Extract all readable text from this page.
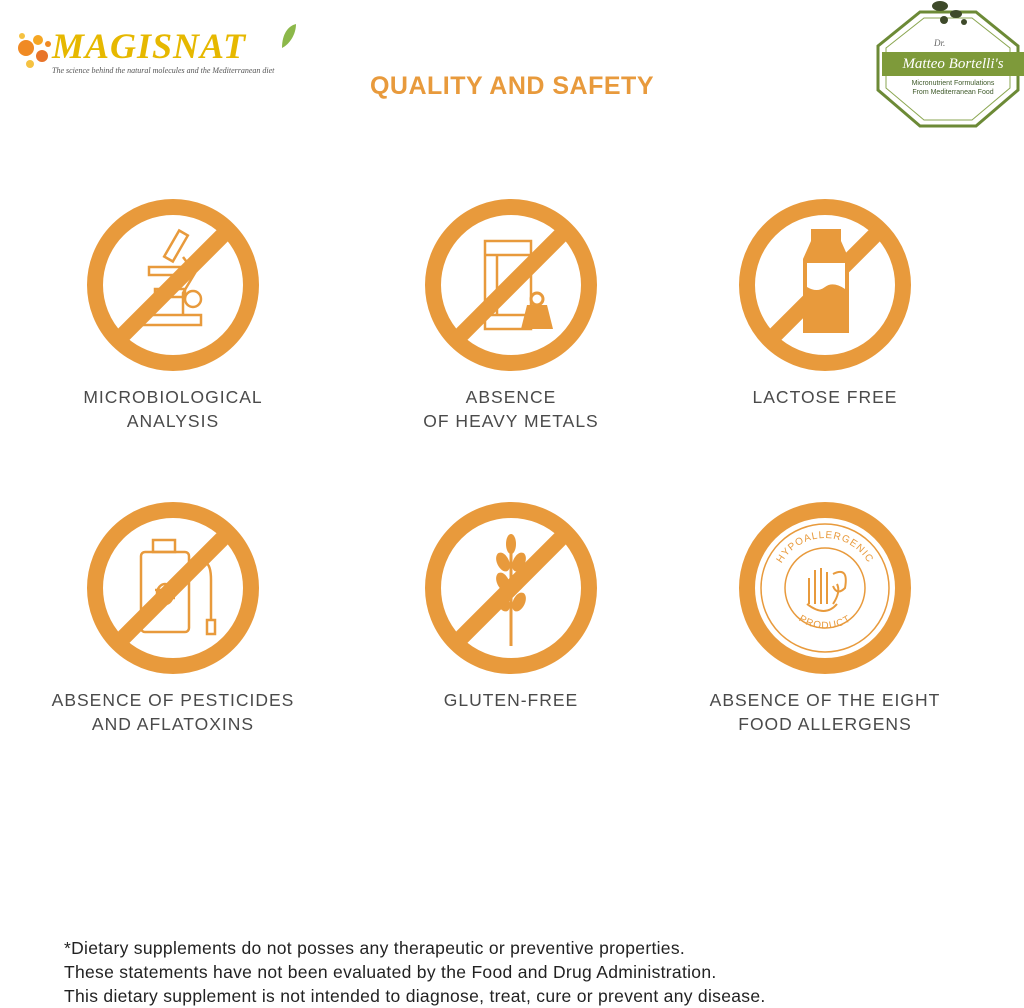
MAGISNAT
The science behind the natural molecules and the Mediterranean diet
Dr.
Matteo Bortelli's
Micronutrient Formulations
From Mediterranean Food
QUALITY AND SAFETY
MICROBIOLOGICAL
ANALYSIS
ABSENCE
OF HEAVY METALS
LACTOSE FREE
ABSENCE OF PESTICIDES
AND AFLATOXINS
GLUTEN-FREE
HYPOALLERGENIC
PRODUCT
ABSENCE OF THE EIGHT
FOOD ALLERGENS
*Dietary supplements do not posses any therapeutic or preventive properties.
These statements have not been evaluated by the Food and Drug Administration.
This dietary supplement is not intended to diagnose, treat, cure or prevent any disease.
